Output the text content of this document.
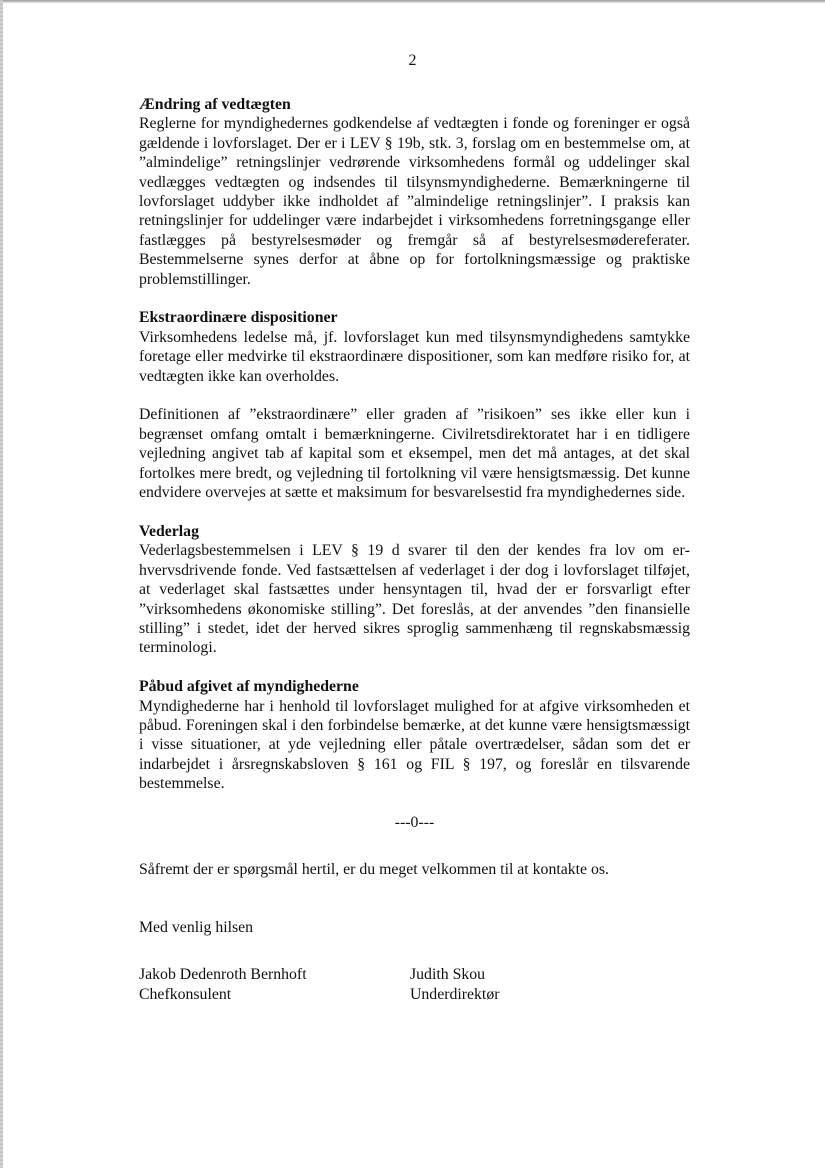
2
Ændring af vedtægten

Reglerne for myndighedernes godkendelse af vedtægten i fonde og foreninger er også gældende i lovforslaget. Der er i LEV § 19b, stk. 3, forslag om en bestemmelse om, at ”almindelige” retningslinjer vedrørende virksomhedens formål og uddelinger skal vedlægges vedtægten og indsendes til tilsynsmyndighederne. Bemærkningerne til lovforslaget uddyber ikke indholdet af ”almindelige retningslinjer”. I praksis kan retningslinjer for uddelinger være indarbejdet i virksomhedens forretningsgange eller fastlægges på bestyrelsesmøder og fremgår så af bestyrelsesmødereferater. Bestemmelserne synes derfor at åbne op for fortolkningsmæssige og praktiske problemstillinger.

Ekstraordinære dispositioner

Virksomhedens ledelse må, jf. lovforslaget kun med tilsynsmyndighedens samtykke foretage eller medvirke til ekstraordinære dispositioner, som kan medføre risiko for, at vedtægten ikke kan overholdes.

Definitionen af ”ekstraordinære” eller graden af ”risikoen” ses ikke eller kun i begrænset omfang omtalt i bemærkningerne. Civilretsdirektoratet har i en tidligere vejledning angivet tab af kapital som et eksempel, men det må antages, at det skal fortolkes mere bredt, og vejledning til fortolkning vil være hensigtsmæssig. Det kunne endvidere overvejes at sætte et maksimum for besvarelsestid fra myndighedernes side.

Vederlag

Vederlagsbestemmelsen i LEV § 19 d svarer til den der kendes fra lov om erhvervsdrivende fonde. Ved fastsættelsen af vederlaget i der dog i lovforslaget tilføjet, at vederlaget skal fastsættes under hensyntagen til, hvad der er forsvarligt efter ”virksomhedens økonomiske stilling”. Det foreslås, at der anvendes ”den finansielle stilling” i stedet, idet der herved sikres sproglig sammenhæng til regnskabsmæssig terminologi.

Påbud afgivet af myndighederne

Myndighederne har i henhold til lovforslaget mulighed for at afgive virksomheden et påbud. Foreningen skal i den forbindelse bemærke, at det kunne være hensigtsmæssigt i visse situationer, at yde vejledning eller påtale overtrædelser, sådan som det er indarbejdet i årsregnskabsloven § 161 og FIL § 197, og foreslår en tilsvarende bestemmelse.

---0---
Såfremt der er spørgsmål hertil, er du meget velkommen til at kontakte os.
Med venlig hilsen
Jakob Dedenroth Bernhoft
Chefkonsulent
Judith Skou
Underdirektør
